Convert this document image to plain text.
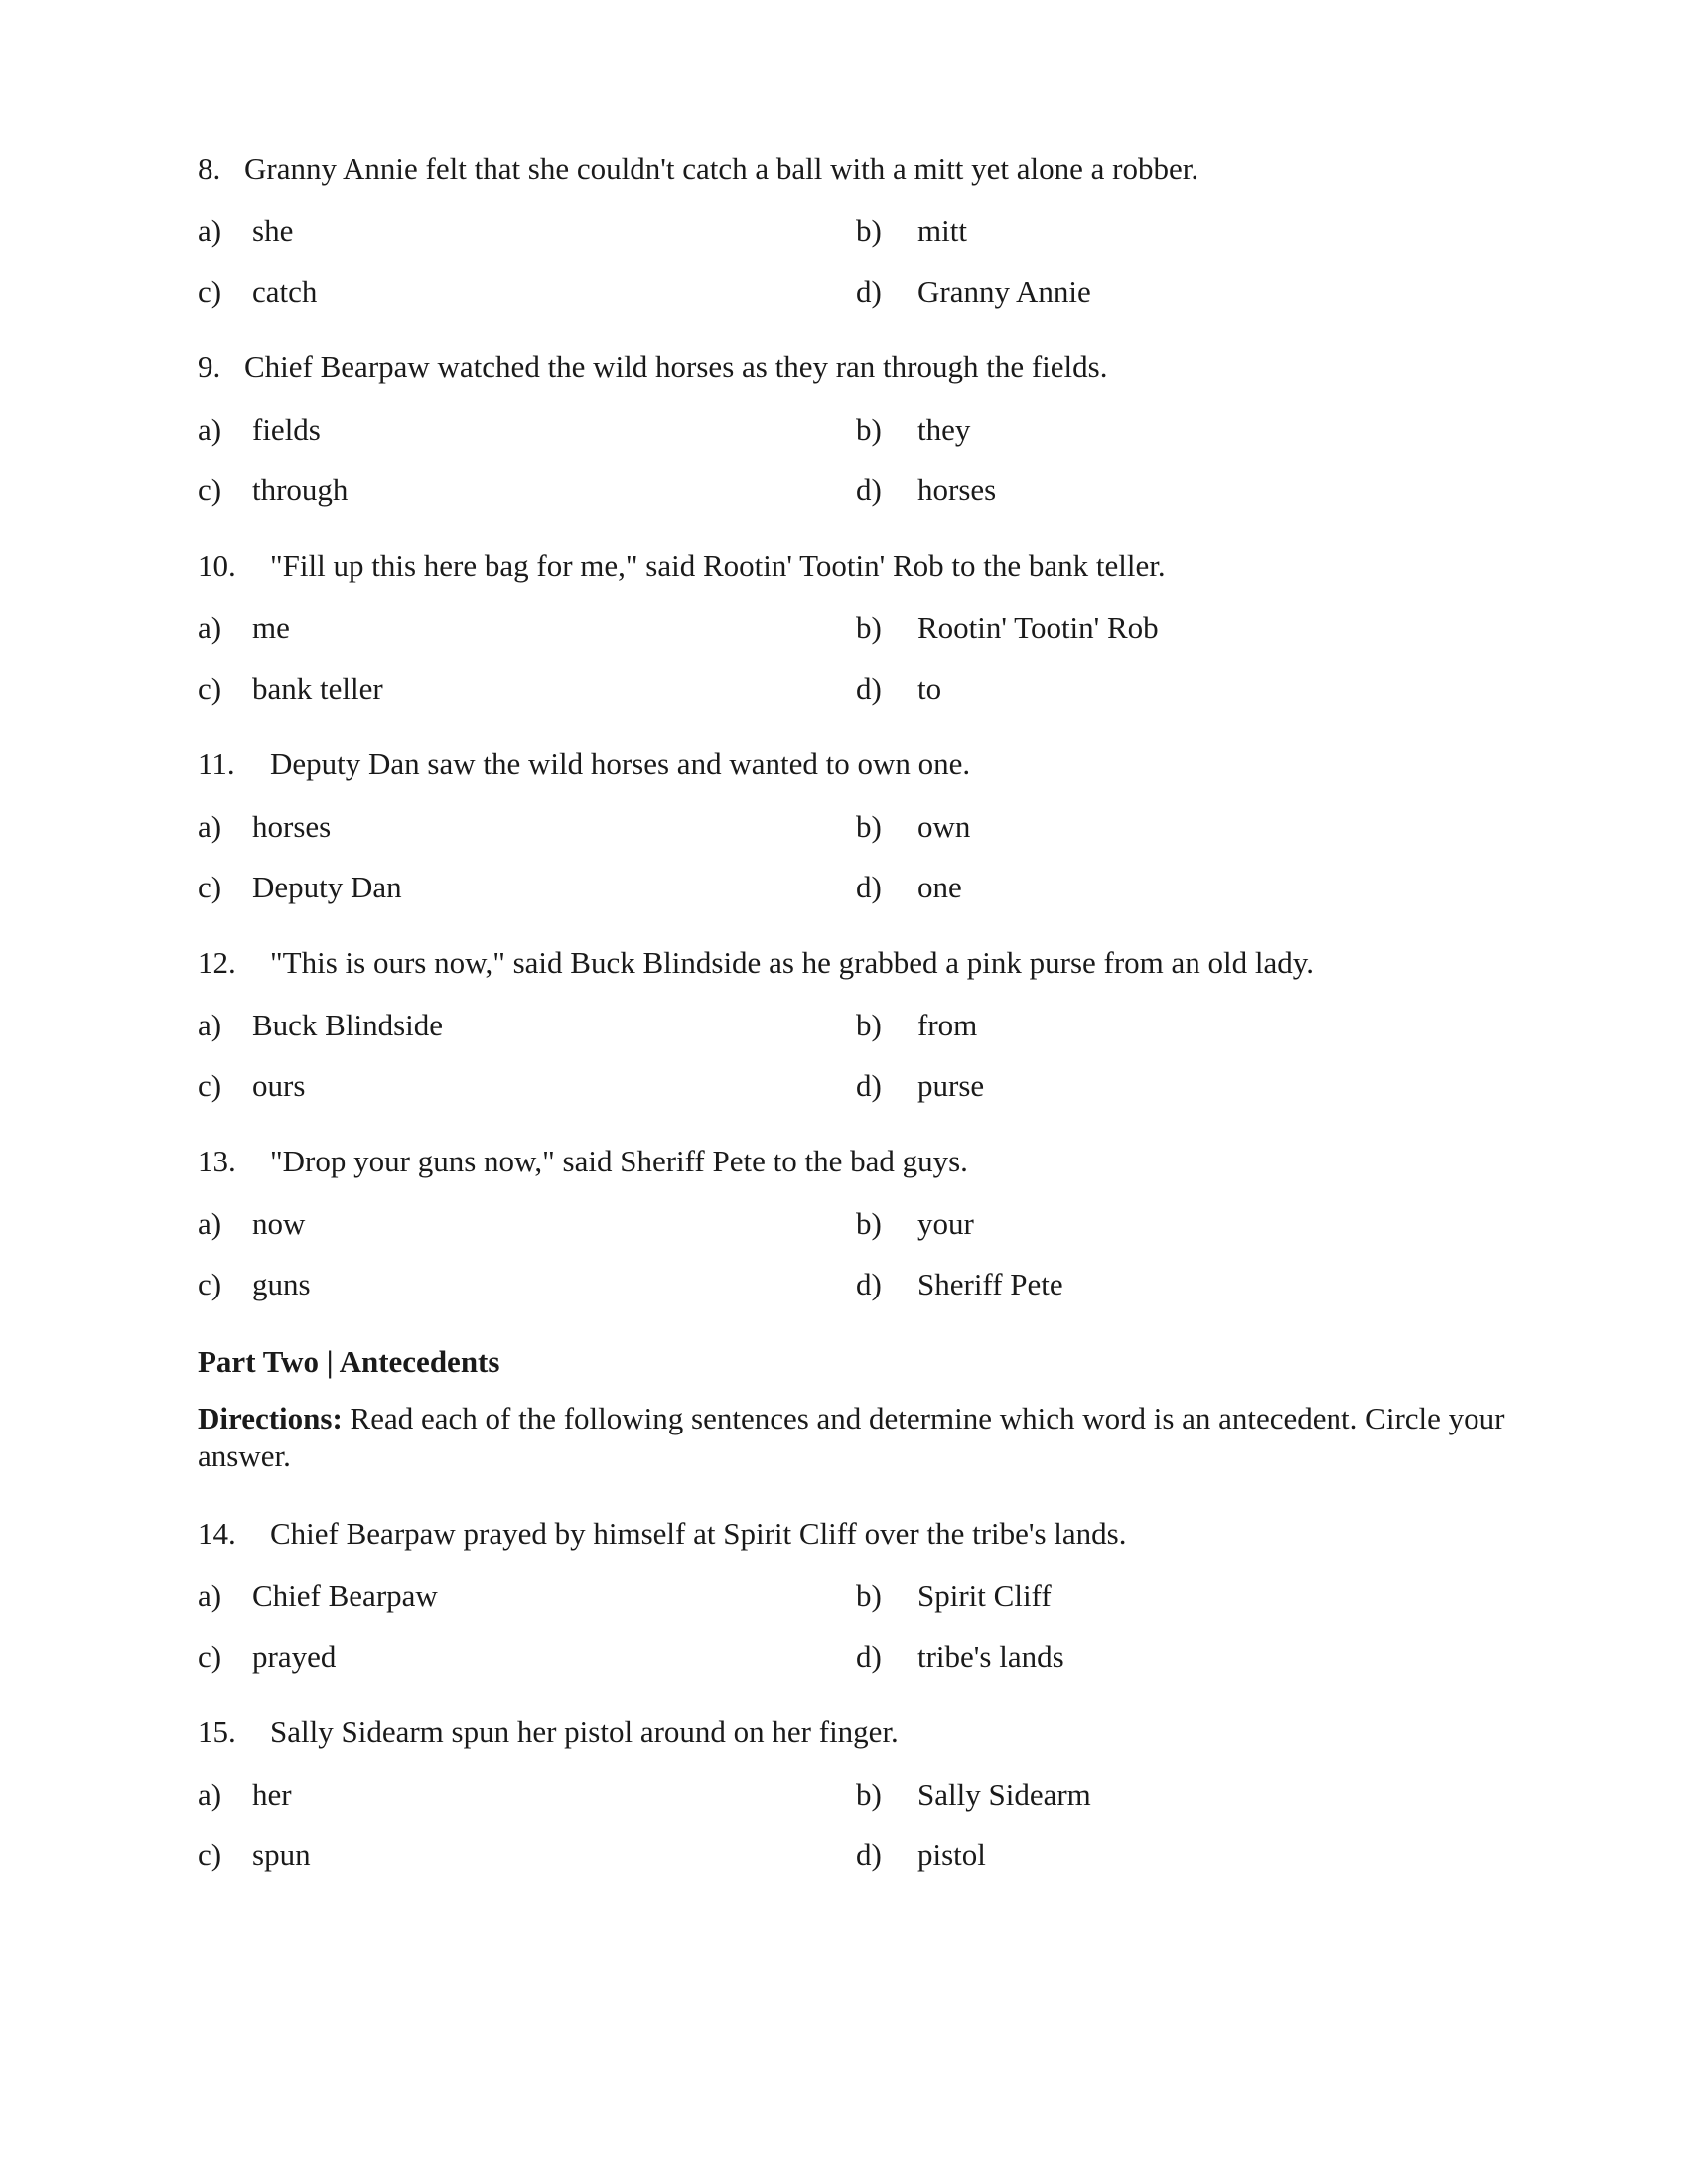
8. Granny Annie felt that she couldn't catch a ball with a mitt yet alone a robber.
a) she	b) mitt
c) catch	d) Granny Annie
9. Chief Bearpaw watched the wild horses as they ran through the fields.
a) fields	b) they
c) through	d) horses
10. "Fill up this here bag for me," said Rootin' Tootin' Rob to the bank teller.
a) me	b) Rootin' Tootin' Rob
c) bank teller	d) to
11. Deputy Dan saw the wild horses and wanted to own one.
a) horses	b) own
c) Deputy Dan	d) one
12. "This is ours now," said Buck Blindside as he grabbed a pink purse from an old lady.
a) Buck Blindside	b) from
c) ours	d) purse
13. "Drop your guns now," said Sheriff Pete to the bad guys.
a) now	b) your
c) guns	d) Sheriff Pete
Part Two | Antecedents
Directions: Read each of the following sentences and determine which word is an antecedent. Circle your answer.
14. Chief Bearpaw prayed by himself at Spirit Cliff over the tribe's lands.
a) Chief Bearpaw	b) Spirit Cliff
c) prayed	d) tribe's lands
15. Sally Sidearm spun her pistol around on her finger.
a) her	b) Sally Sidearm
c) spun	d) pistol
